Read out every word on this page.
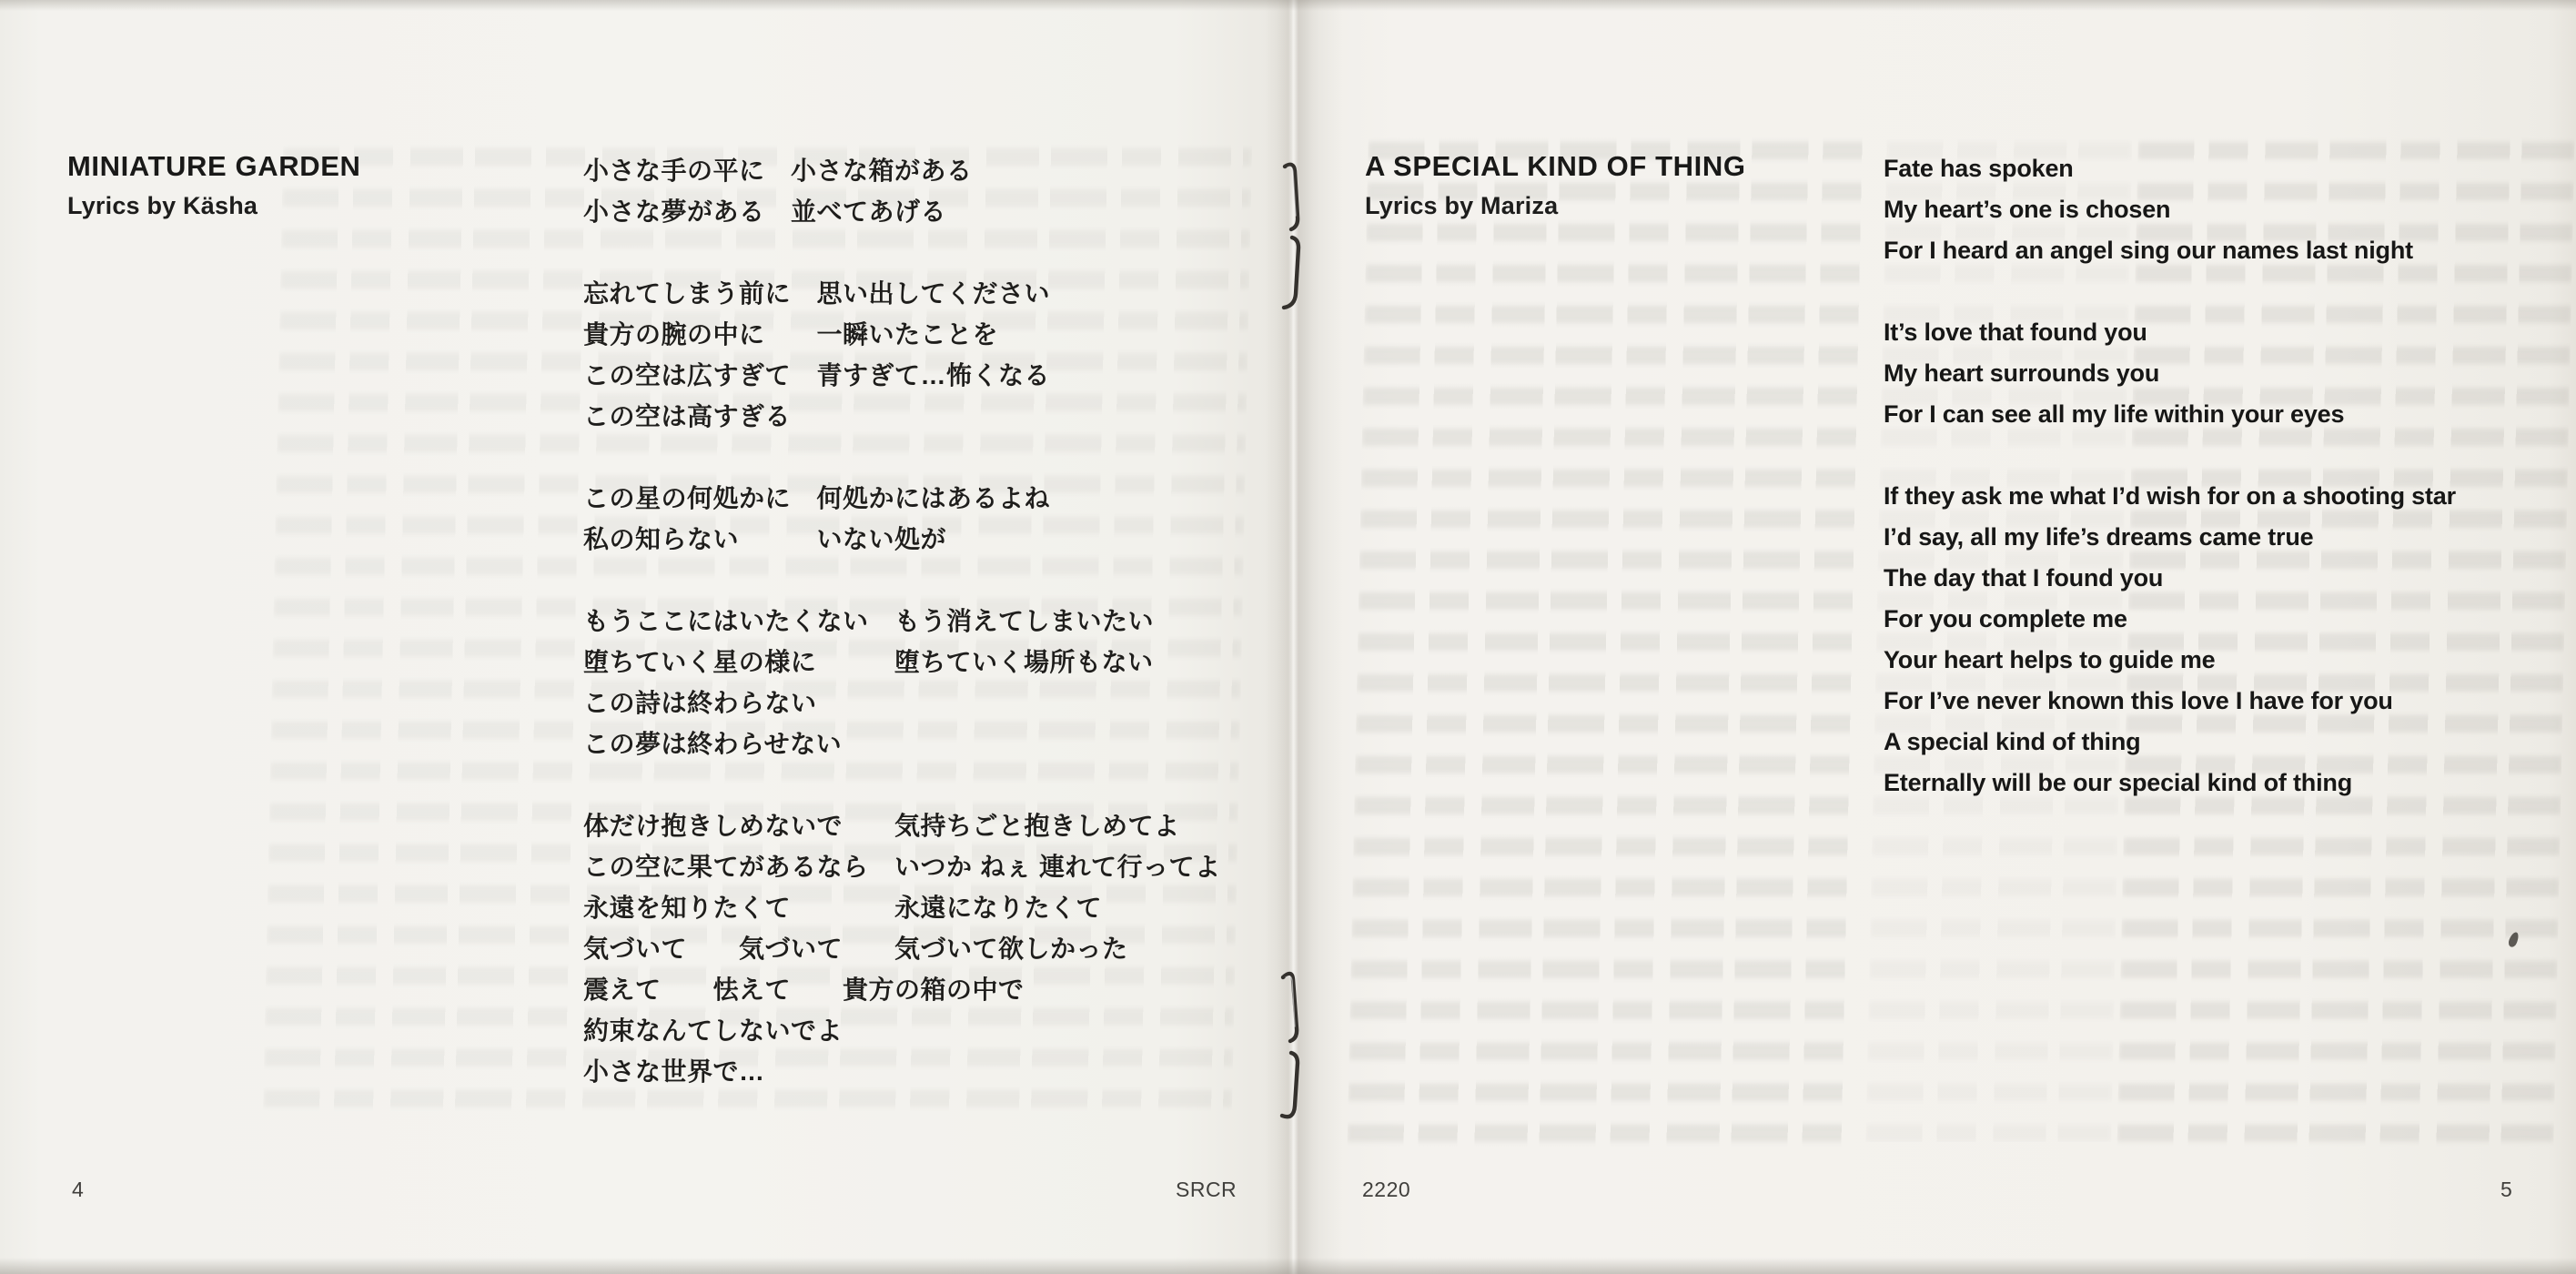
MINIATURE GARDEN
Lyrics by Käsha
小さな手の平に　小さな箱がある
小さな夢がある　並べてあげる
忘れてしまう前に　思い出してください
貴方の腕の中に　　一瞬いたことを
この空は広すぎて　青すぎて…怖くなる
この空は高すぎる
この星の何処かに　何処かにはあるよね
私の知らない　　　いない処が
もうここにはいたくない　もう消えてしまいたい
堕ちていく星の様に　　　堕ちていく場所もない
この詩は終わらない
この夢は終わらせない
体だけ抱きしめないで　　気持ちごと抱きしめてよ
この空に果てがあるなら　いつか ねぇ 連れて行ってよ
永遠を知りたくて　　　　永遠になりたくて
気づいて　　気づいて　　気づいて欲しかった
震えて　　怯えて　　貴方の箱の中で
約束なんてしないでよ
小さな世界で…
A SPECIAL KIND OF THING
Lyrics by Mariza
Fate has spoken
My heart’s one is chosen
For I heard an angel sing our names last night
It’s love that found you
My heart surrounds you
For I can see all my life within your eyes
If they ask me what I’d wish for on a shooting star
I’d say, all my life’s dreams came true
The day that I found you
For you complete me
Your heart helps to guide me
For I’ve never known this love I have for you
A special kind of thing
Eternally will be our special kind of thing
4	SRCR	2220	5
